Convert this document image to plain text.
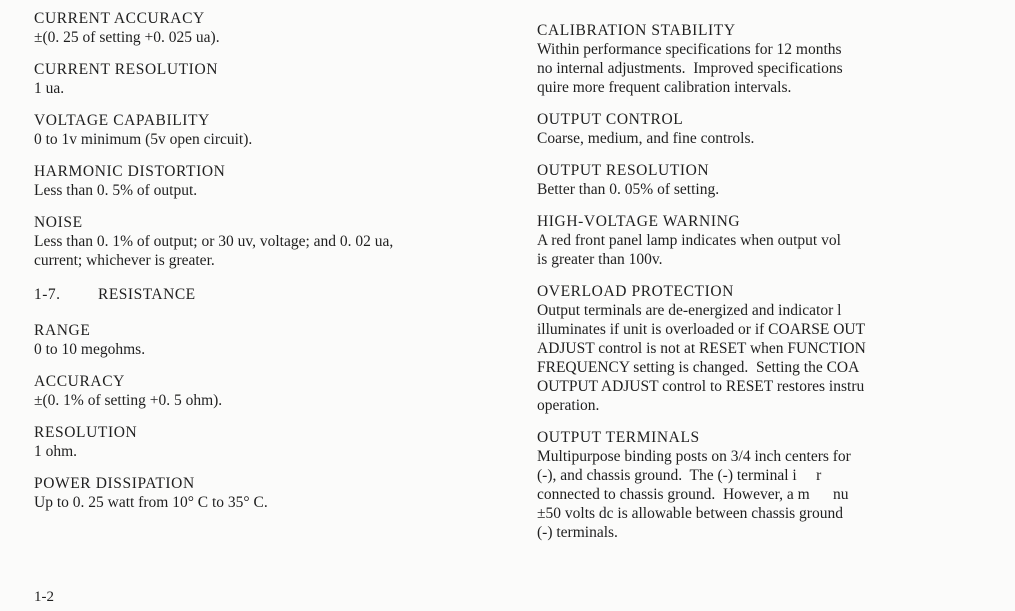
CURRENT ACCURACY
±(0. 25 of setting +0. 025 ua).
CURRENT RESOLUTION
1 ua.
VOLTAGE CAPABILITY
0 to 1v minimum (5v open circuit).
HARMONIC DISTORTION
Less than 0. 5% of output.
NOISE
Less than 0. 1% of output; or 30 uv, voltage; and 0. 02 ua,
current; whichever is greater.
1-7. RESISTANCE
RANGE
0 to 10 megohms.
ACCURACY
±(0. 1% of setting +0. 5 ohm).
RESOLUTION
1 ohm.
POWER DISSIPATION
Up to 0. 25 watt from 10° C to 35° C.
CALIBRATION STABILITY
Within performance specifications for 12 months
no internal adjustments.  Improved specifications
quire more frequent calibration intervals.
OUTPUT CONTROL
Coarse, medium, and fine controls.
OUTPUT RESOLUTION
Better than 0. 05% of setting.
HIGH-VOLTAGE WARNING
A red front panel lamp indicates when output vol
is greater than 100v.
OVERLOAD PROTECTION
Output terminals are de-energized and indicator l
illuminates if unit is overloaded or if COARSE OUT
ADJUST control is not at RESET when FUNCTION
FREQUENCY setting is changed.  Setting the COA
OUTPUT ADJUST control to RESET restores instru
operation.
OUTPUT TERMINALS
Multipurpose binding posts on 3/4 inch centers for
(-), and chassis ground.  The (-) terminal i     r
connected to chassis ground.  However, a m      nu
±50 volts dc is allowable between chassis ground
(-) terminals.
1-2
